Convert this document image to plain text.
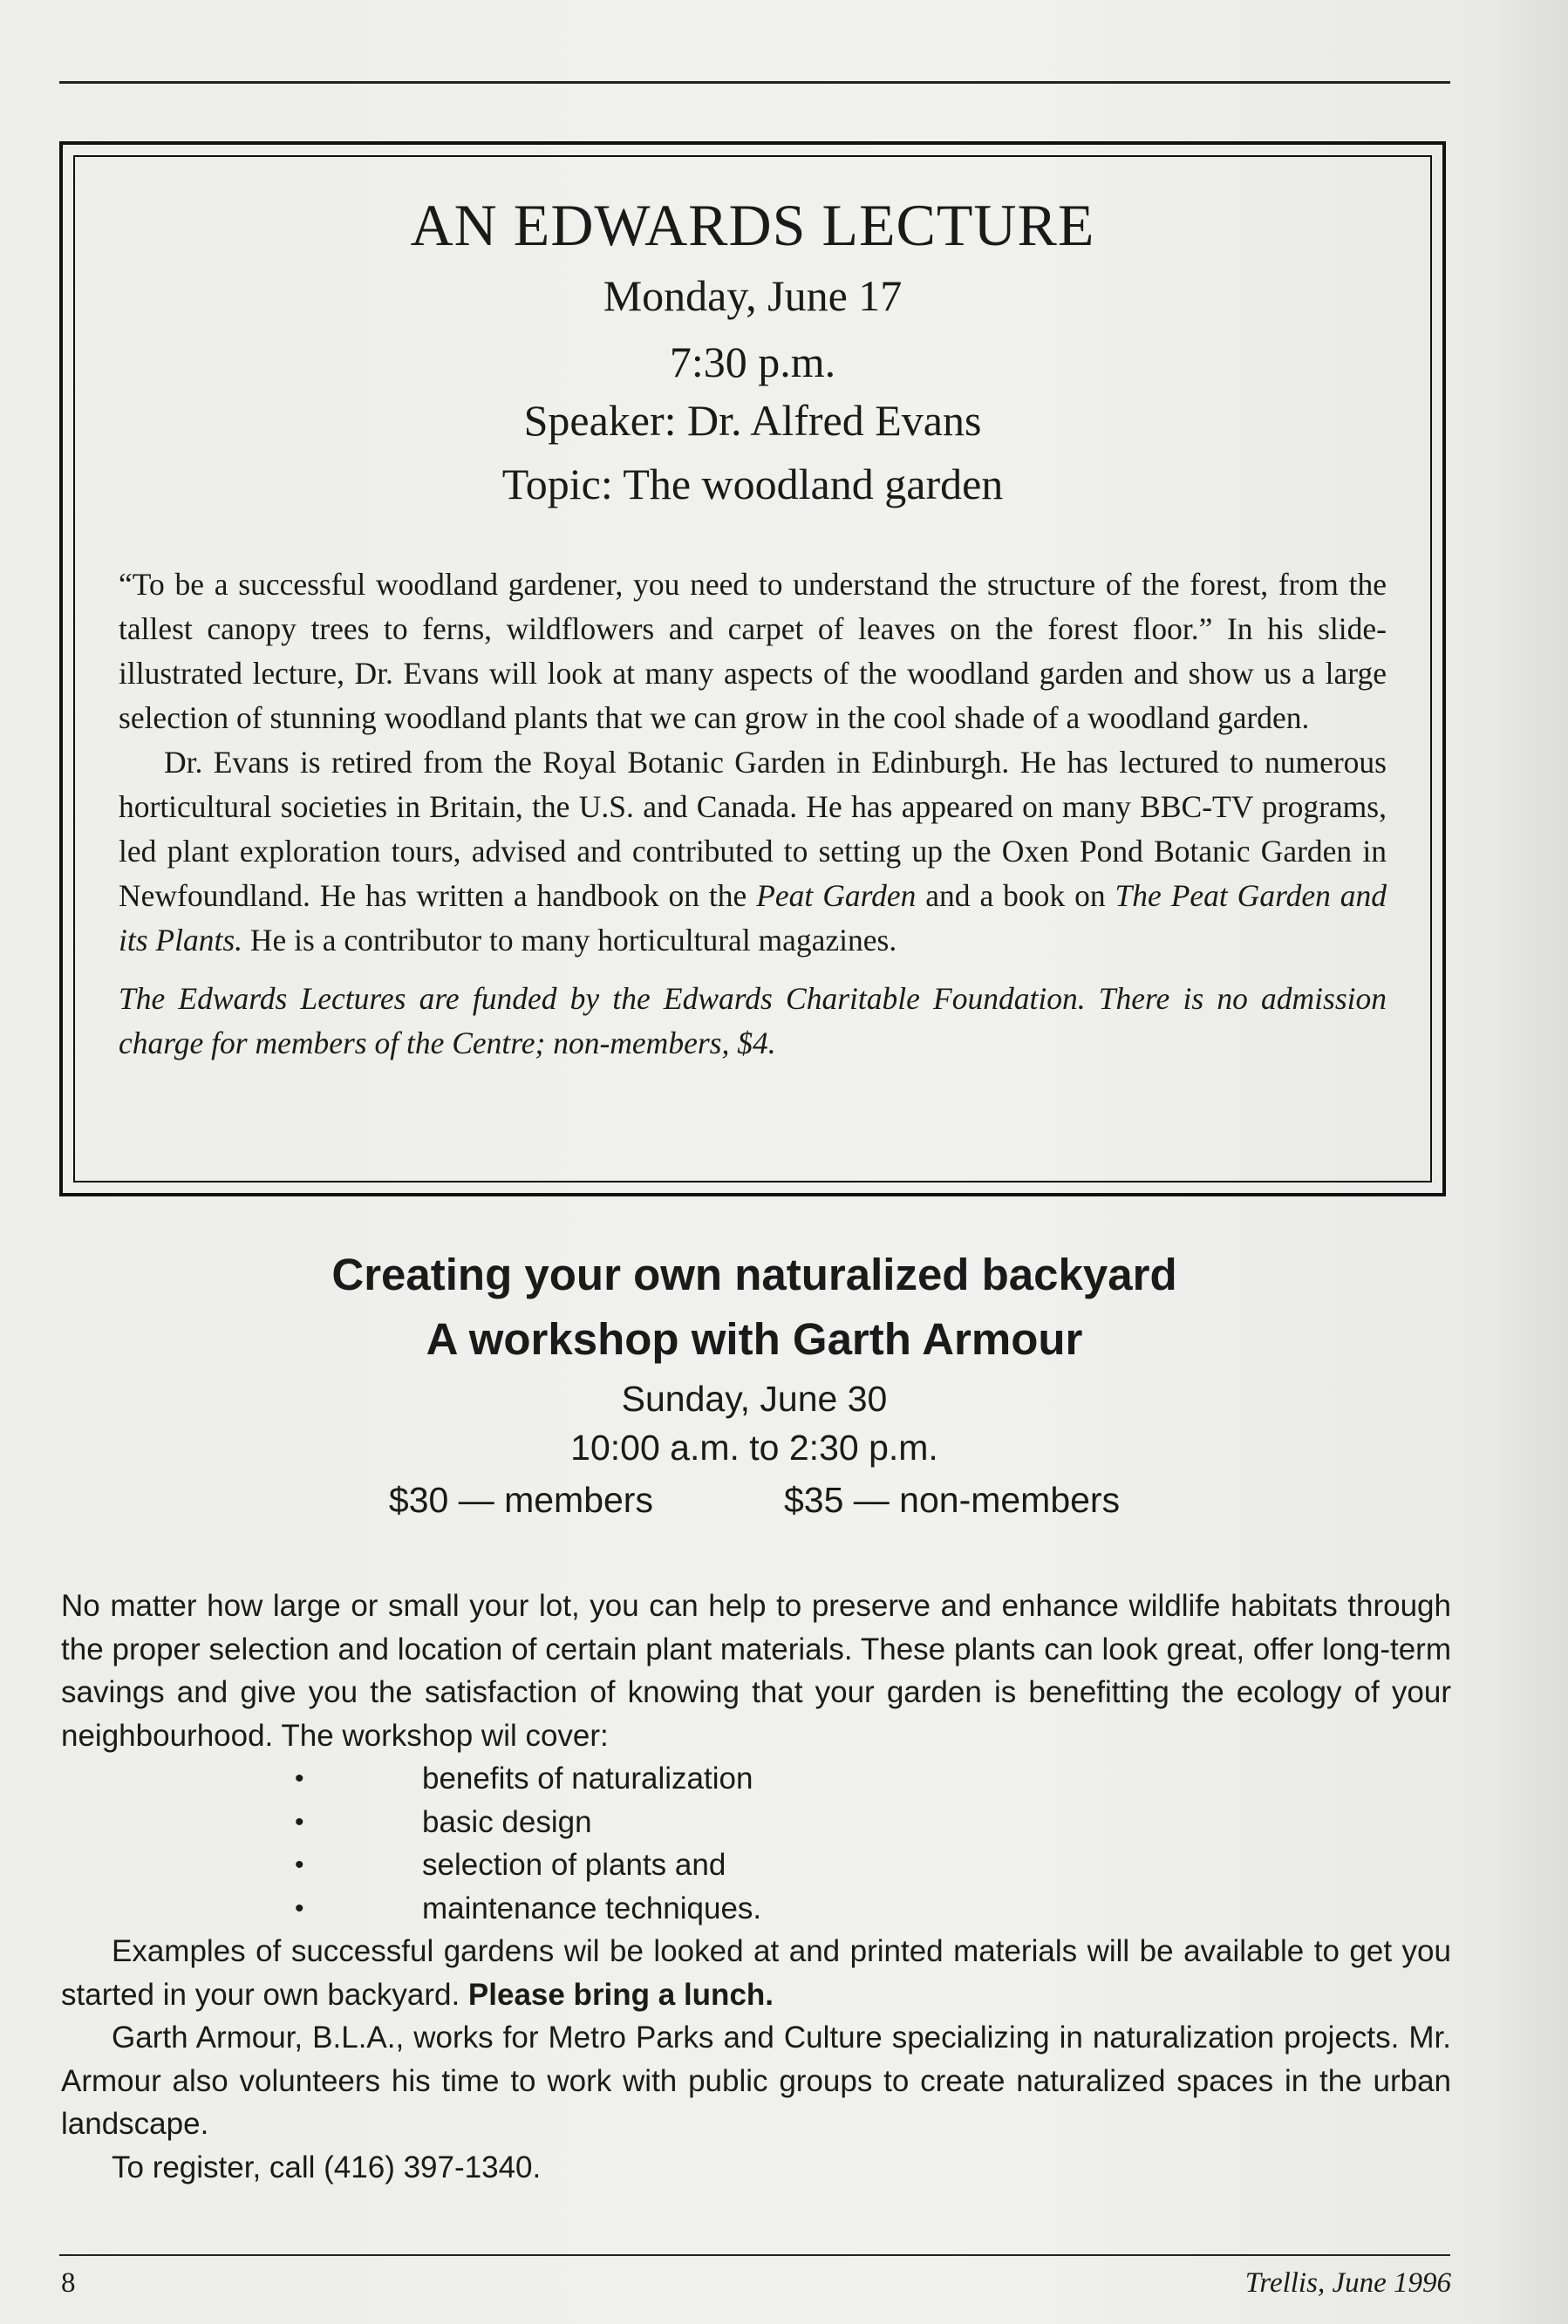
AN EDWARDS LECTURE
Monday, June 17
7:30 p.m.
Speaker: Dr. Alfred Evans
Topic: The woodland garden

“To be a successful woodland gardener, you need to understand the structure of the forest, from the tallest canopy trees to ferns, wildflowers and carpet of leaves on the forest floor.” In his slide-illustrated lecture, Dr. Evans will look at many aspects of the woodland garden and show us a large selection of stunning woodland plants that we can grow in the cool shade of a woodland garden.

Dr. Evans is retired from the Royal Botanic Garden in Edinburgh. He has lectured to numerous horticultural societies in Britain, the U.S. and Canada. He has appeared on many BBC-TV programs, led plant exploration tours, advised and contributed to setting up the Oxen Pond Botanic Garden in Newfoundland. He has written a handbook on the Peat Garden and a book on The Peat Garden and its Plants. He is a contributor to many horticultural magazines.

The Edwards Lectures are funded by the Edwards Charitable Foundation. There is no admission charge for members of the Centre; non-members, $4.

Creating your own naturalized backyard
A workshop with Garth Armour
Sunday, June 30
10:00 a.m. to 2:30 p.m.
$30 — members	$35 — non-members

No matter how large or small your lot, you can help to preserve and enhance wildlife habitats through the proper selection and location of certain plant materials. These plants can look great, offer long-term savings and give you the satisfaction of knowing that your garden is benefitting the ecology of your neighbourhood. The workshop wil cover:

•	benefits of naturalization
•	basic design
•	selection of plants and
•	maintenance techniques.

Examples of successful gardens wil be looked at and printed materials will be available to get you started in your own backyard. Please bring a lunch.

Garth Armour, B.L.A., works for Metro Parks and Culture specializing in naturalization projects. Mr. Armour also volunteers his time to work with public groups to create naturalized spaces in the urban landscape.

To register, call (416) 397-1340.

8	Trellis, June 1996
